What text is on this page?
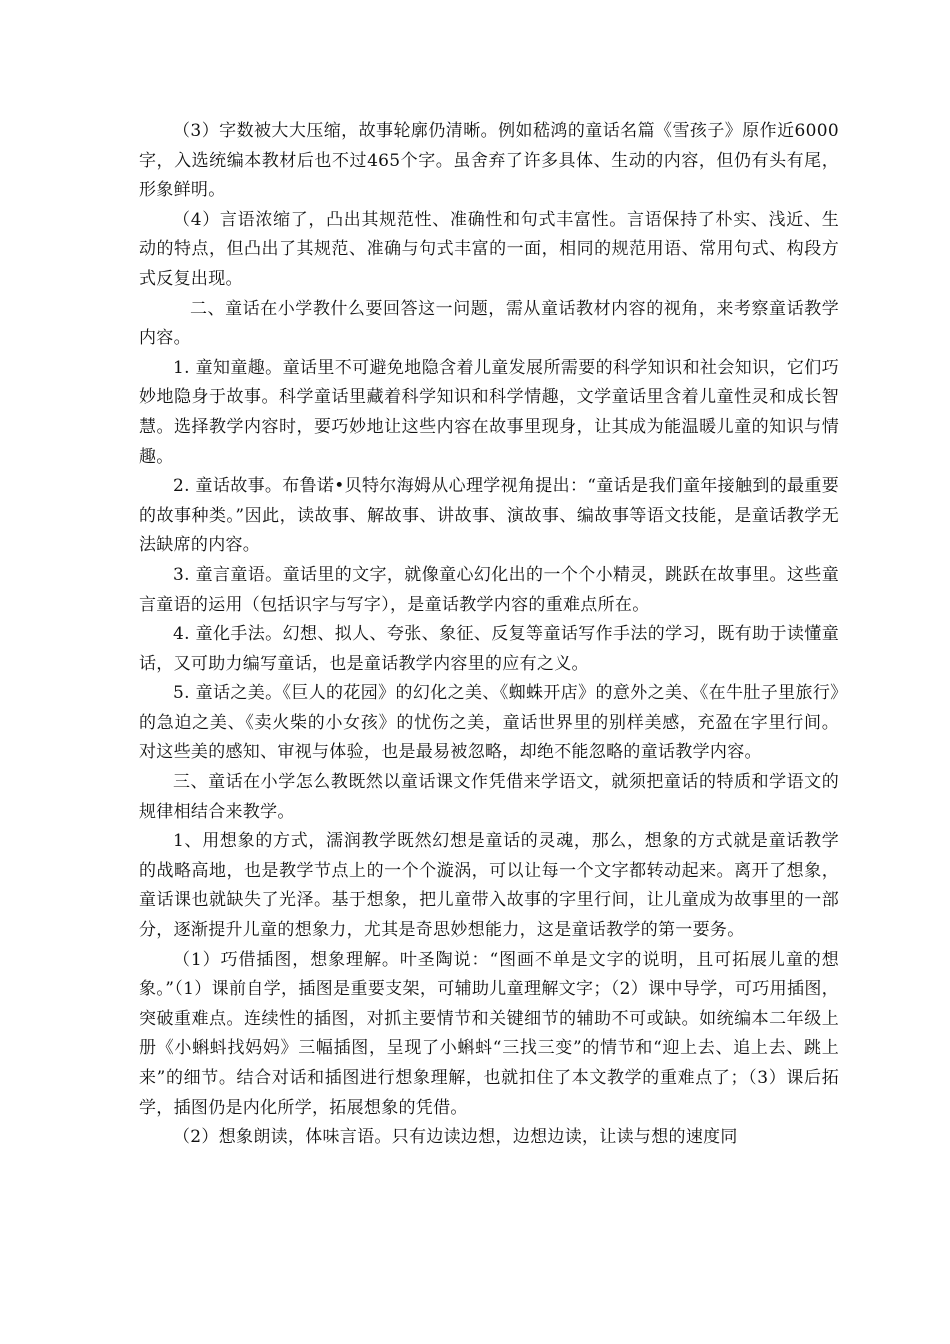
（3）字数被大大压缩，故事轮廓仍清晰。例如嵇鸿的童话名篇《雪孩子》原作近6000字，入选统编本教材后也不过465个字。虽舍弃了许多具体、生动的内容，但仍有头有尾，形象鲜明。

（4）言语浓缩了，凸出其规范性、准确性和句式丰富性。言语保持了朴实、浅近、生动的特点，但凸出了其规范、准确与句式丰富的一面，相同的规范用语、常用句式、构段方式反复出现。

二、童话在小学教什么要回答这一问题，需从童话教材内容的视角，来考察童话教学内容。

1. 童知童趣。童话里不可避免地隐含着儿童发展所需要的科学知识和社会知识，它们巧妙地隐身于故事。科学童话里藏着科学知识和科学情趣，文学童话里含着儿童性灵和成长智慧。选择教学内容时，要巧妙地让这些内容在故事里现身，让其成为能温暖儿童的知识与情趣。

2. 童话故事。布鲁诺•贝特尔海姆从心理学视角提出：“童话是我们童年接触到的最重要的故事种类。”因此，读故事、解故事、讲故事、演故事、编故事等语文技能，是童话教学无法缺席的内容。

3. 童言童语。童话里的文字，就像童心幻化出的一个个小精灵，跳跃在故事里。这些童言童语的运用（包括识字与写字），是童话教学内容的重难点所在。

4. 童化手法。幻想、拟人、夸张、象征、反复等童话写作手法的学习，既有助于读懂童话，又可助力编写童话，也是童话教学内容里的应有之义。

5. 童话之美。《巨人的花园》的幻化之美、《蜘蛛开店》的意外之美、《在牛肚子里旅行》的急迫之美、《卖火柴的小女孩》的忧伤之美，童话世界里的别样美感，充盈在字里行间。对这些美的感知、审视与体验，也是最易被忽略，却绝不能忽略的童话教学内容。

三、童话在小学怎么教既然以童话课文作凭借来学语文，就须把童话的特质和学语文的规律相结合来教学。

1、用想象的方式，濡润教学既然幻想是童话的灵魂，那么，想象的方式就是童话教学的战略高地，也是教学节点上的一个个漩涡，可以让每一个文字都转动起来。离开了想象，童话课也就缺失了光泽。基于想象，把儿童带入故事的字里行间，让儿童成为故事里的一部分，逐渐提升儿童的想象力，尤其是奇思妙想能力，这是童话教学的第一要务。

（1）巧借插图，想象理解。叶圣陶说：“图画不单是文字的说明，且可拓展儿童的想象。”（1）课前自学，插图是重要支架，可辅助儿童理解文字；（2）课中导学，可巧用插图，突破重难点。连续性的插图，对抓主要情节和关键细节的辅助不可或缺。如统编本二年级上册《小蝌蚪找妈妈》三幅插图，呈现了小蝌蚪“三找三变”的情节和“迎上去、追上去、跳上来”的细节。结合对话和插图进行想象理解，也就扣住了本文教学的重难点了；（3）课后拓学，插图仍是内化所学，拓展想象的凭借。

（2）想象朗读，体味言语。只有边读边想，边想边读，让读与想的速度同
